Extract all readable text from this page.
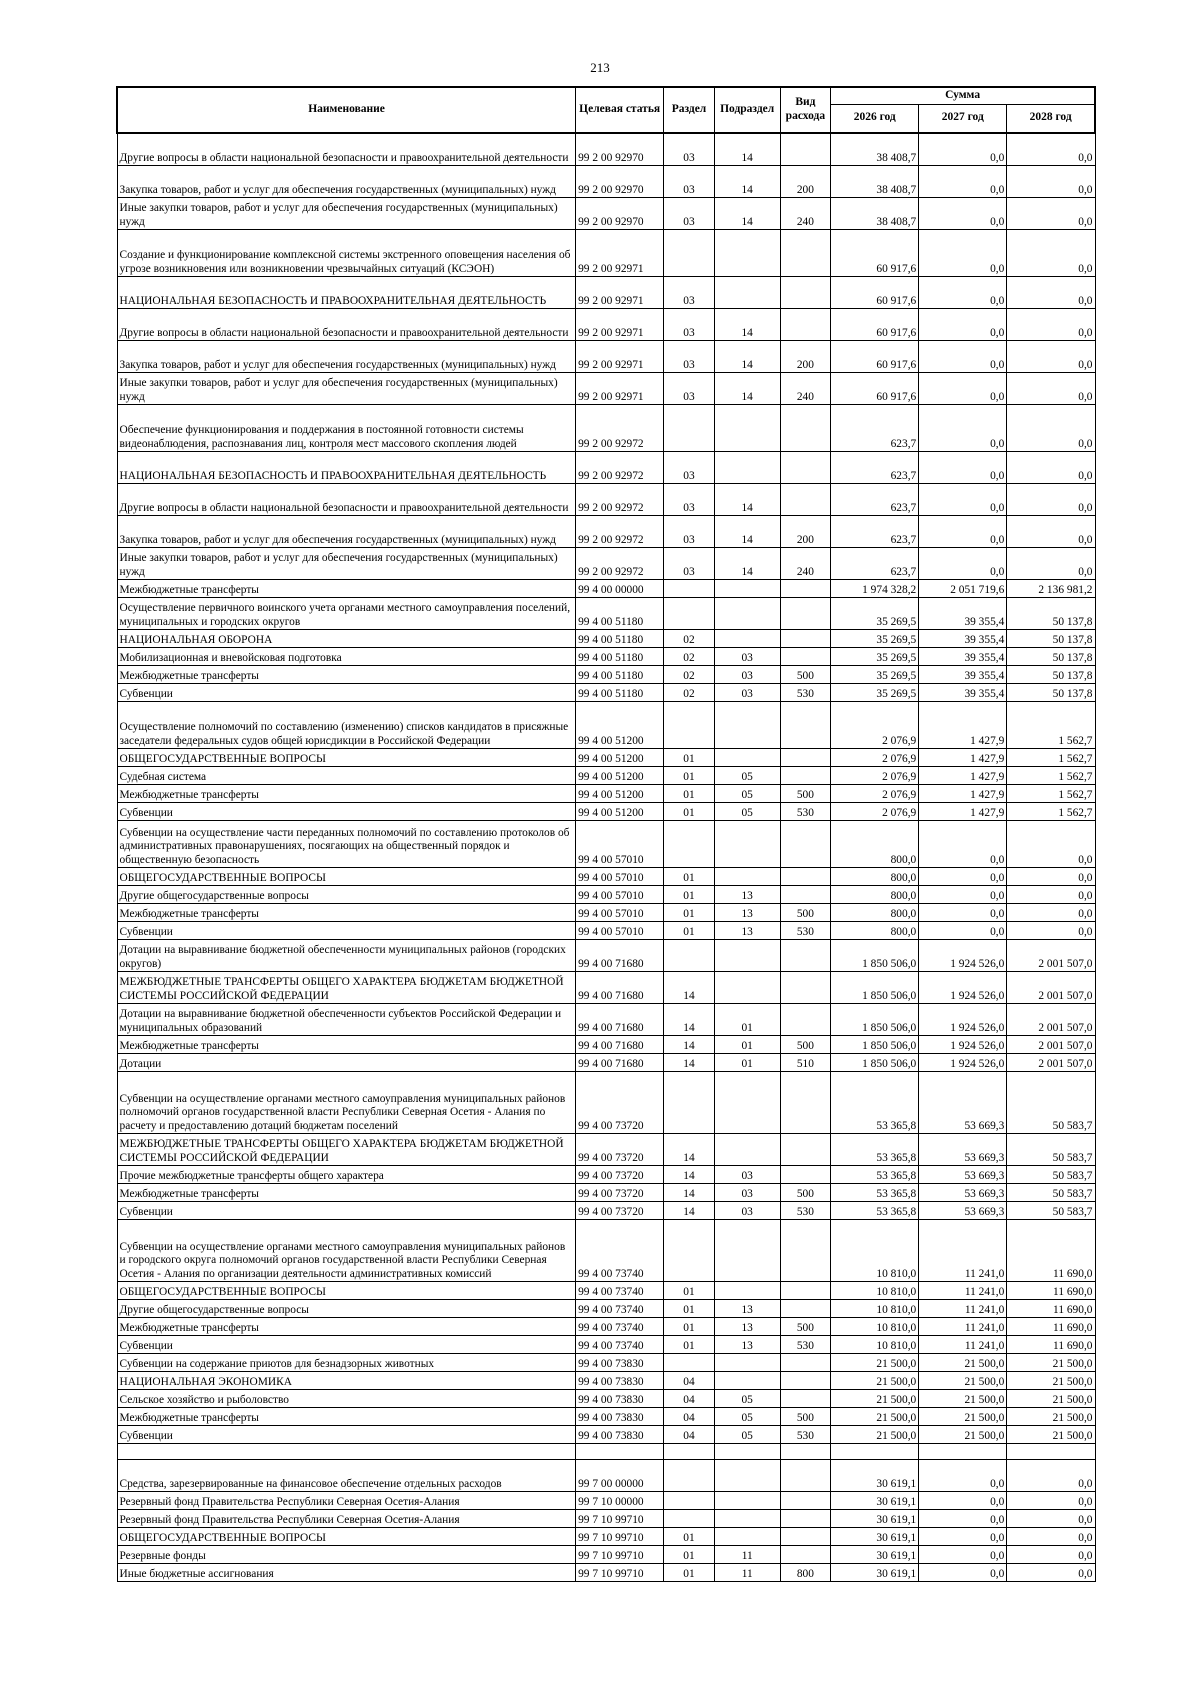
213
Наименование	Целевая статья	Раздел	Подраздел	Вид расхода	Сумма		
					2026 год	2027 год	2028 год
Другие вопросы в области национальной безопасности и правоохранительной деятельности	99 2 00 92970	03	14		38 408,7	0,0	0,0
Закупка товаров, работ и услуг для обеспечения государственных (муниципальных) нужд	99 2 00 92970	03	14	200	38 408,7	0,0	0,0
Иные закупки товаров, работ и услуг для обеспечения государственных (муниципальных) нужд	99 2 00 92970	03	14	240	38 408,7	0,0	0,0
Создание и функционирование комплексной системы экстренного оповещения населения об угрозе возникновения или возникновении чрезвычайных ситуаций (КСЭОН)	99 2 00 92971				60 917,6	0,0	0,0
НАЦИОНАЛЬНАЯ БЕЗОПАСНОСТЬ И ПРАВООХРАНИТЕЛЬНАЯ ДЕЯТЕЛЬНОСТЬ	99 2 00 92971	03			60 917,6	0,0	0,0
Другие вопросы в области национальной безопасности и правоохранительной деятельности	99 2 00 92971	03	14		60 917,6	0,0	0,0
Закупка товаров, работ и услуг для обеспечения государственных (муниципальных) нужд	99 2 00 92971	03	14	200	60 917,6	0,0	0,0
Иные закупки товаров, работ и услуг для обеспечения государственных (муниципальных) нужд	99 2 00 92971	03	14	240	60 917,6	0,0	0,0
Обеспечение функционирования и поддержания в постоянной готовности системы видеонаблюдения, распознавания лиц, контроля мест массового скопления людей	99 2 00 92972				623,7	0,0	0,0
НАЦИОНАЛЬНАЯ БЕЗОПАСНОСТЬ И ПРАВООХРАНИТЕЛЬНАЯ ДЕЯТЕЛЬНОСТЬ	99 2 00 92972	03			623,7	0,0	0,0
Другие вопросы в области национальной безопасности и правоохранительной деятельности	99 2 00 92972	03	14		623,7	0,0	0,0
Закупка товаров, работ и услуг для обеспечения государственных (муниципальных) нужд	99 2 00 92972	03	14	200	623,7	0,0	0,0
Иные закупки товаров, работ и услуг для обеспечения государственных (муниципальных) нужд	99 2 00 92972	03	14	240	623,7	0,0	0,0
Межбюджетные трансферты	99 4 00 00000				1 974 328,2	2 051 719,6	2 136 981,2
Осуществление первичного воинского учета органами местного самоуправления поселений, муниципальных и городских округов	99 4 00 51180				35 269,5	39 355,4	50 137,8
НАЦИОНАЛЬНАЯ ОБОРОНА	99 4 00 51180	02			35 269,5	39 355,4	50 137,8
Мобилизационная и вневойсковая подготовка	99 4 00 51180	02	03		35 269,5	39 355,4	50 137,8
Межбюджетные трансферты	99 4 00 51180	02	03	500	35 269,5	39 355,4	50 137,8
Субвенции	99 4 00 51180	02	03	530	35 269,5	39 355,4	50 137,8
Осуществление полномочий по составлению (изменению) списков кандидатов в присяжные заседатели федеральных судов общей юрисдикции в Российской Федерации	99 4 00 51200				2 076,9	1 427,9	1 562,7
ОБЩЕГОСУДАРСТВЕННЫЕ ВОПРОСЫ	99 4 00 51200	01			2 076,9	1 427,9	1 562,7
Судебная система	99 4 00 51200	01	05		2 076,9	1 427,9	1 562,7
Межбюджетные трансферты	99 4 00 51200	01	05	500	2 076,9	1 427,9	1 562,7
Субвенции	99 4 00 51200	01	05	530	2 076,9	1 427,9	1 562,7
Субвенции на осуществление части переданных полномочий по составлению протоколов об административных правонарушениях, посягающих на общественный порядок и общественную безопасность	99 4 00 57010				800,0	0,0	0,0
ОБЩЕГОСУДАРСТВЕННЫЕ ВОПРОСЫ	99 4 00 57010	01			800,0	0,0	0,0
Другие общегосударственные вопросы	99 4 00 57010	01	13		800,0	0,0	0,0
Межбюджетные трансферты	99 4 00 57010	01	13	500	800,0	0,0	0,0
Субвенции	99 4 00 57010	01	13	530	800,0	0,0	0,0
Дотации на выравнивание бюджетной обеспеченности муниципальных районов (городских округов)	99 4 00 71680				1 850 506,0	1 924 526,0	2 001 507,0
МЕЖБЮДЖЕТНЫЕ ТРАНСФЕРТЫ ОБЩЕГО ХАРАКТЕРА БЮДЖЕТАМ БЮДЖЕТНОЙ СИСТЕМЫ РОССИЙСКОЙ ФЕДЕРАЦИИ	99 4 00 71680	14			1 850 506,0	1 924 526,0	2 001 507,0
Дотации на выравнивание бюджетной обеспеченности субъектов Российской Федерации и муниципальных образований	99 4 00 71680	14	01		1 850 506,0	1 924 526,0	2 001 507,0
Межбюджетные трансферты	99 4 00 71680	14	01	500	1 850 506,0	1 924 526,0	2 001 507,0
Дотации	99 4 00 71680	14	01	510	1 850 506,0	1 924 526,0	2 001 507,0
Субвенции на осуществление органами местного самоуправления муниципальных районов полномочий органов государственной власти Республики Северная Осетия - Алания по расчету и предоставлению дотаций бюджетам поселений	99 4 00 73720				53 365,8	53 669,3	50 583,7
МЕЖБЮДЖЕТНЫЕ ТРАНСФЕРТЫ ОБЩЕГО ХАРАКТЕРА БЮДЖЕТАМ БЮДЖЕТНОЙ СИСТЕМЫ РОССИЙСКОЙ ФЕДЕРАЦИИ	99 4 00 73720	14			53 365,8	53 669,3	50 583,7
Прочие межбюджетные трансферты общего характера	99 4 00 73720	14	03		53 365,8	53 669,3	50 583,7
Межбюджетные трансферты	99 4 00 73720	14	03	500	53 365,8	53 669,3	50 583,7
Субвенции	99 4 00 73720	14	03	530	53 365,8	53 669,3	50 583,7
Субвенции на осуществление органами местного самоуправления муниципальных районов и городского округа полномочий органов государственной власти Республики Северная Осетия - Алания по организации деятельности административных комиссий	99 4 00 73740				10 810,0	11 241,0	11 690,0
ОБЩЕГОСУДАРСТВЕННЫЕ ВОПРОСЫ	99 4 00 73740	01			10 810,0	11 241,0	11 690,0
Другие общегосударственные вопросы	99 4 00 73740	01	13		10 810,0	11 241,0	11 690,0
Межбюджетные трансферты	99 4 00 73740	01	13	500	10 810,0	11 241,0	11 690,0
Субвенции	99 4 00 73740	01	13	530	10 810,0	11 241,0	11 690,0
Субвенции на содержание приютов для безнадзорных животных	99 4 00 73830				21 500,0	21 500,0	21 500,0
НАЦИОНАЛЬНАЯ ЭКОНОМИКА	99 4 00 73830	04			21 500,0	21 500,0	21 500,0
Сельское хозяйство и рыболовство	99 4 00 73830	04	05		21 500,0	21 500,0	21 500,0
Межбюджетные трансферты	99 4 00 73830	04	05	500	21 500,0	21 500,0	21 500,0
Субвенции	99 4 00 73830	04	05	530	21 500,0	21 500,0	21 500,0

Средства, зарезервированные на финансовое обеспечение отдельных расходов	99 7 00 00000				30 619,1	0,0	0,0
Резервный фонд Правительства Республики Северная Осетия-Алания	99 7 10 00000				30 619,1	0,0	0,0
Резервный фонд Правительства Республики Северная Осетия-Алания	99 7 10 99710				30 619,1	0,0	0,0
ОБЩЕГОСУДАРСТВЕННЫЕ ВОПРОСЫ	99 7 10 99710	01			30 619,1	0,0	0,0
Резервные фонды	99 7 10 99710	01	11		30 619,1	0,0	0,0
Иные бюджетные ассигнования	99 7 10 99710	01	11	800	30 619,1	0,0	0,0
